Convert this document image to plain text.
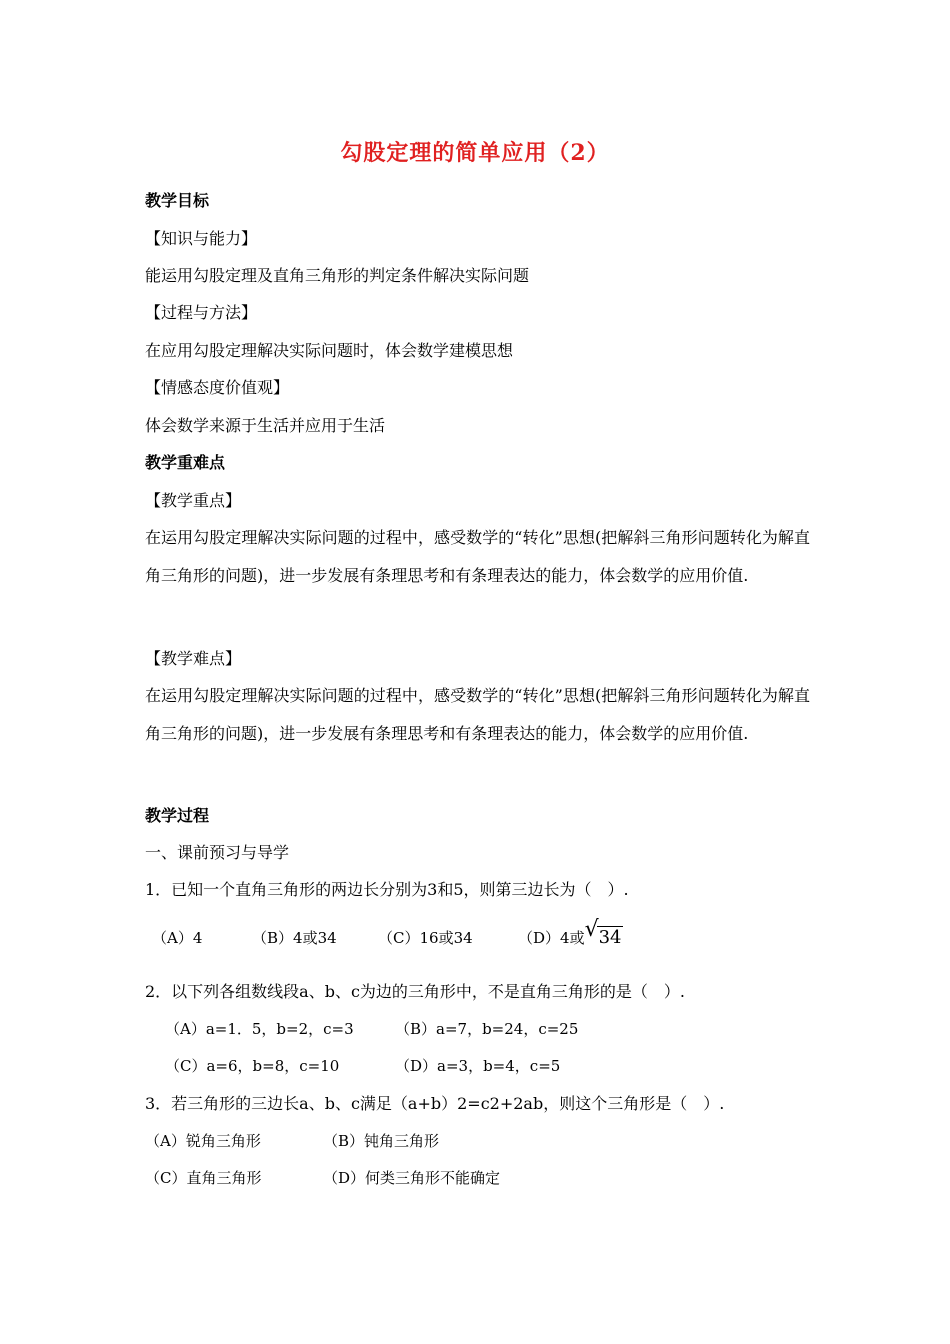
勾股定理的简单应用（2）
教学目标
【知识与能力】
能运用勾股定理及直角三角形的判定条件解决实际问题
【过程与方法】
在应用勾股定理解决实际问题时，体会数学建模思想
【情感态度价值观】
体会数学来源于生活并应用于生活
教学重难点
【教学重点】
在运用勾股定理解决实际问题的过程中，感受数学的“转化”思想(把解斜三角形问题转化为解直角三角形的问题)，进一步发展有条理思考和有条理表达的能力，体会数学的应用价值.
【教学难点】
在运用勾股定理解决实际问题的过程中，感受数学的“转化”思想(把解斜三角形问题转化为解直角三角形的问题)，进一步发展有条理思考和有条理表达的能力，体会数学的应用价值.
教学过程
一、课前预习与导学
1．已知一个直角三角形的两边长分别为3和5，则第三边长为（　）.
（A）4	（B）4或34	（C）16或34	（D）4或 √ 34
2．以下列各组数线段a、b、c为边的三角形中，不是直角三角形的是（　）.
（A）a=1．5，b=2，c=3	（B）a=7，b=24，c=25
（C）a=6，b=8，c=10	（D）a=3，b=4，c=5
3．若三角形的三边长a、b、c满足（a+b）2=c2+2ab，则这个三角形是（　）.
（A）锐角三角形	（B）钝角三角形
（C）直角三角形	（D）何类三角形不能确定
